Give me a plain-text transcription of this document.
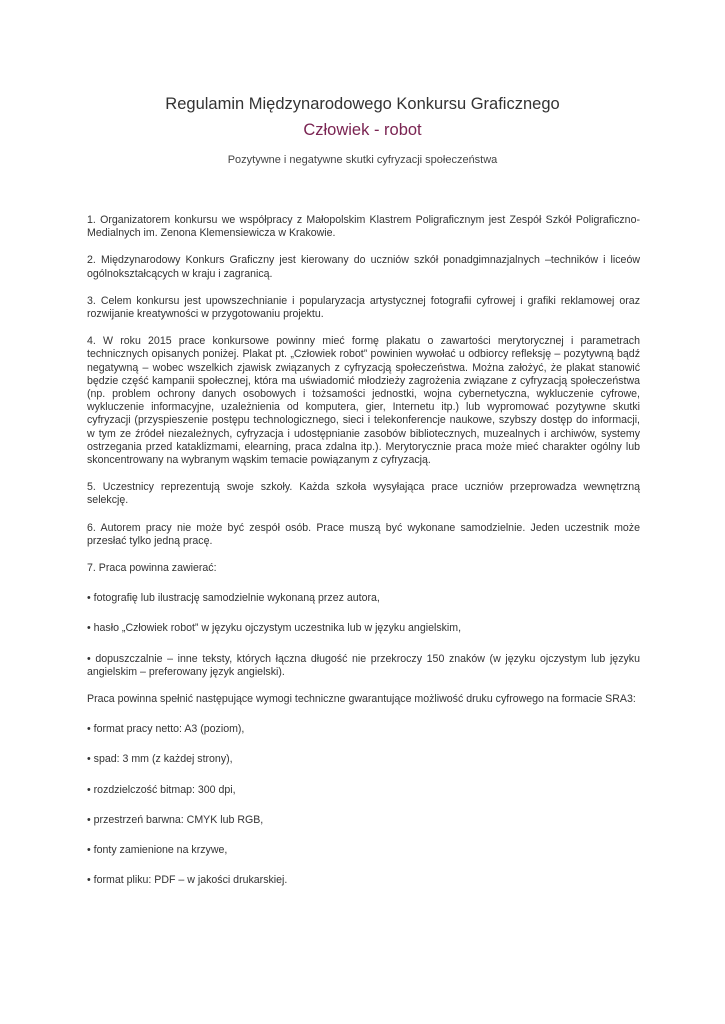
Regulamin Międzynarodowego Konkursu Graficznego
Człowiek - robot

Pozytywne i negatywne skutki cyfryzacji społeczeństwa

1. Organizatorem konkursu we współpracy z Małopolskim Klastrem Poligraficznym jest Zespół Szkół Poligraficzno-Medialnych im. Zenona Klemensiewicza w Krakowie.

2. Międzynarodowy Konkurs Graficzny jest kierowany do uczniów szkół ponadgimnazjalnych –techników i liceów ogólnokształcących w kraju i zagranicą.

3. Celem konkursu jest upowszechnianie i popularyzacja artystycznej fotografii cyfrowej i grafiki reklamowej oraz rozwijanie kreatywności w przygotowaniu projektu.

4. W roku 2015 prace konkursowe powinny mieć formę plakatu o zawartości merytorycznej i parametrach technicznych opisanych poniżej. Plakat pt. „Człowiek robot” powinien wywołać u odbiorcy refleksję – pozytywną bądź negatywną – wobec wszelkich zjawisk związanych z cyfryzacją społeczeństwa. Można założyć, że plakat stanowić będzie część kampanii społecznej, która ma uświadomić młodzieży zagrożenia związane z cyfryzacją społeczeństwa (np. problem ochrony danych osobowych i tożsamości jednostki, wojna cybernetyczna, wykluczenie cyfrowe, wykluczenie informacyjne, uzależnienia od komputera, gier, Internetu itp.) lub wypromować pozytywne skutki cyfryzacji (przyspieszenie postępu technologicznego, sieci i telekonferencje naukowe, szybszy dostęp do informacji, w tym ze źródeł niezależnych, cyfryzacja i udostępnianie zasobów bibliotecznych, muzealnych i archiwów, systemy ostrzegania przed kataklizmami, elearning, praca zdalna itp.). Merytorycznie praca może mieć charakter ogólny lub skoncentrowany na wybranym wąskim temacie powiązanym z cyfryzacją.

5. Uczestnicy reprezentują swoje szkoły. Każda szkoła wysyłająca prace uczniów przeprowadza wewnętrzną selekcję.

6. Autorem pracy nie może być zespół osób. Prace muszą być wykonane samodzielnie. Jeden uczestnik może przesłać tylko jedną pracę.

7. Praca powinna zawierać:

• fotografię lub ilustrację samodzielnie wykonaną przez autora,

• hasło „Człowiek robot” w języku ojczystym uczestnika lub w języku angielskim,

• dopuszczalnie – inne teksty, których łączna długość nie przekroczy 150 znaków (w języku ojczystym lub języku angielskim – preferowany język angielski).

Praca powinna spełnić następujące wymogi techniczne gwarantujące możliwość druku cyfrowego na formacie SRA3:

• format pracy netto: A3 (poziom),

• spad: 3 mm (z każdej strony),

• rozdzielczość bitmap: 300 dpi,

• przestrzeń barwna: CMYK lub RGB,

• fonty zamienione na krzywe,

• format pliku: PDF – w jakości drukarskiej.
